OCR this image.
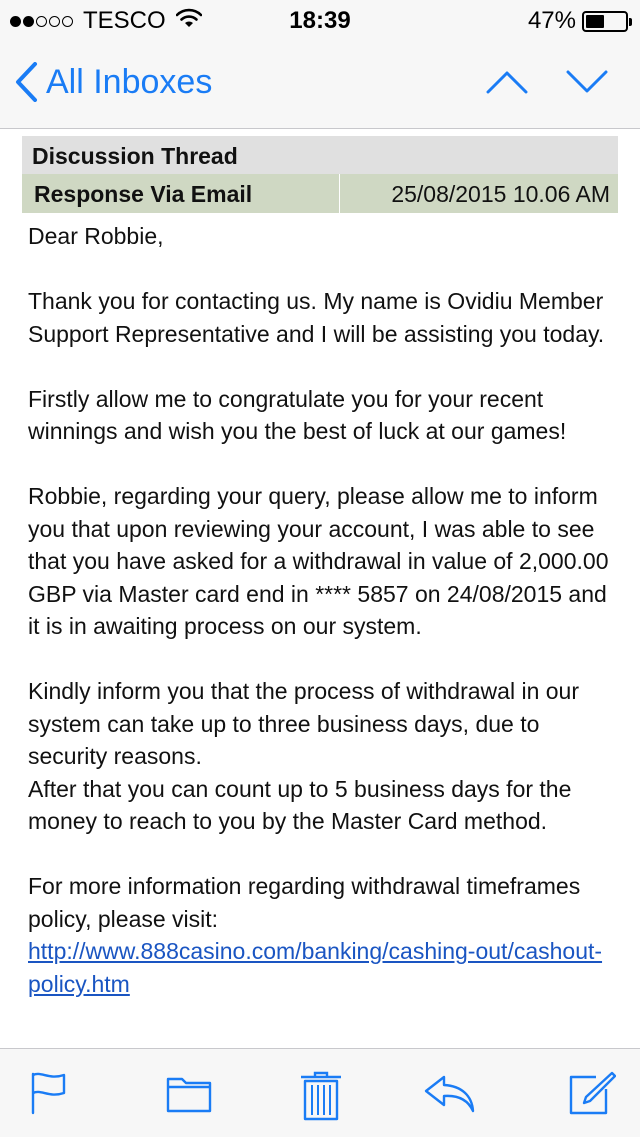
TESCO	18:39	47%
All Inboxes
Discussion Thread
Response Via Email	25/08/2015 10.06 AM

Dear Robbie,

Thank you for contacting us. My name is Ovidiu Member Support Representative and I will be assisting you today.

Firstly allow me to congratulate you for your recent winnings and wish you the best of luck at our games!

Robbie, regarding your query, please allow me to inform you that upon reviewing your account, I was able to see that you have asked for a withdrawal in value of 2,000.00 GBP via Master card end in **** 5857 on 24/08/2015 and it is in awaiting process on our system.

Kindly inform you that the process of withdrawal in our system can take up to three business days, due to security reasons.

After that you can count up to 5 business days for the money to reach to you by the Master Card method.

For more information regarding withdrawal timeframes policy, please visit:

http://www.888casino.com/banking/cashing-out/cashout-policy.htm
